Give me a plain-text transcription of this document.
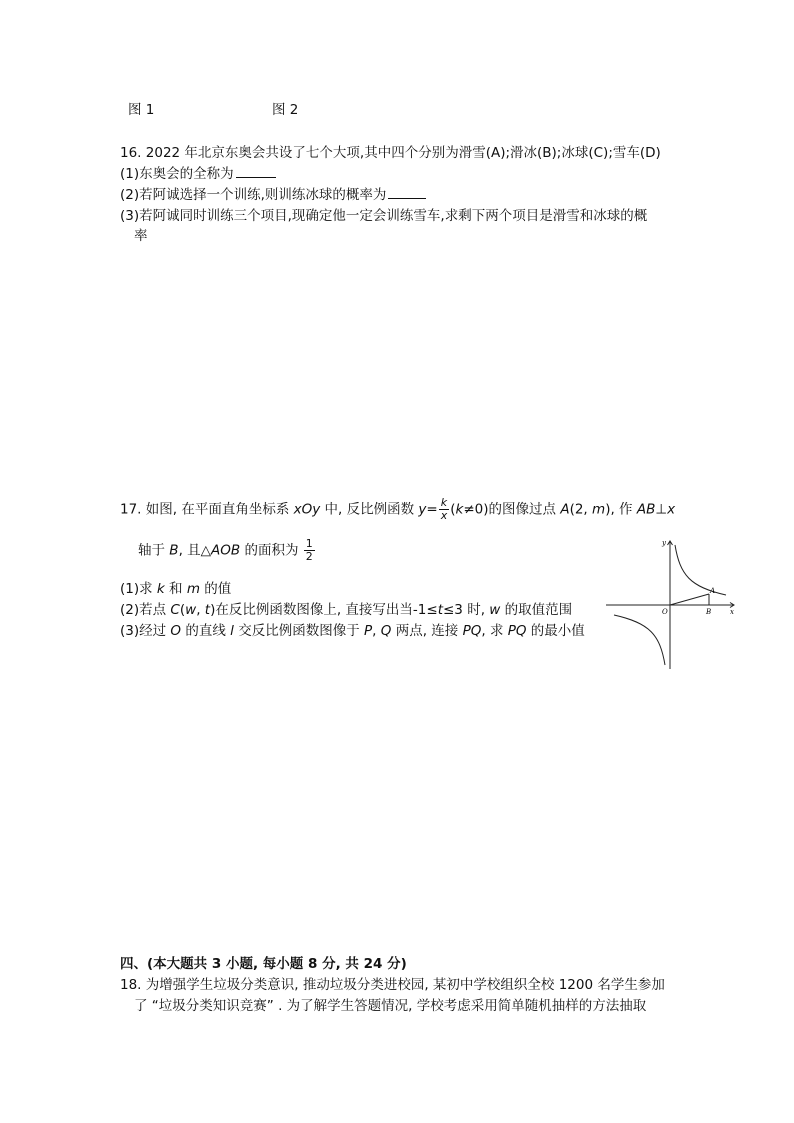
图 1	图 2
16. 2022 年北京东奥会共设了七个大项,其中四个分别为滑雪(A);滑冰(B);冰球(C);雪车(D)
(1)东奥会的全称为
(2)若阿诚选择一个训练,则训练冰球的概率为
(3)若阿诚同时训练三个项目,现确定他一定会训练雪车,求剩下两个项目是滑雪和冰球的概
率
17. 如图, 在平面直角坐标系 xOy 中, 反比例函数 $y= \frac{k}{x} (k\ne 0)$的图像过点 A(2, m), 作 AB⊥x
轴于 B, 且△AOB 的面积为 $\frac{1}{2}$
(1)求 k 和 m 的值
(2)若点 C(w, t)在反比例函数图像上, 直接写出当-1≤t≤3 时, w 的取值范围
(3)经过 O 的直线 l 交反比例函数图像于 P, Q 两点, 连接 PQ, 求 PQ 的最小值
y
x
O
A
B
四、(本大题共 3 小题, 每小题 8 分, 共 24 分)
18. 为增强学生垃圾分类意识, 推动垃圾分类进校园, 某初中学校组织全校 1200 名学生参加
了 “垃圾分类知识竞赛” . 为了解学生答题情况, 学校考虑采用简单随机抽样的方法抽取
